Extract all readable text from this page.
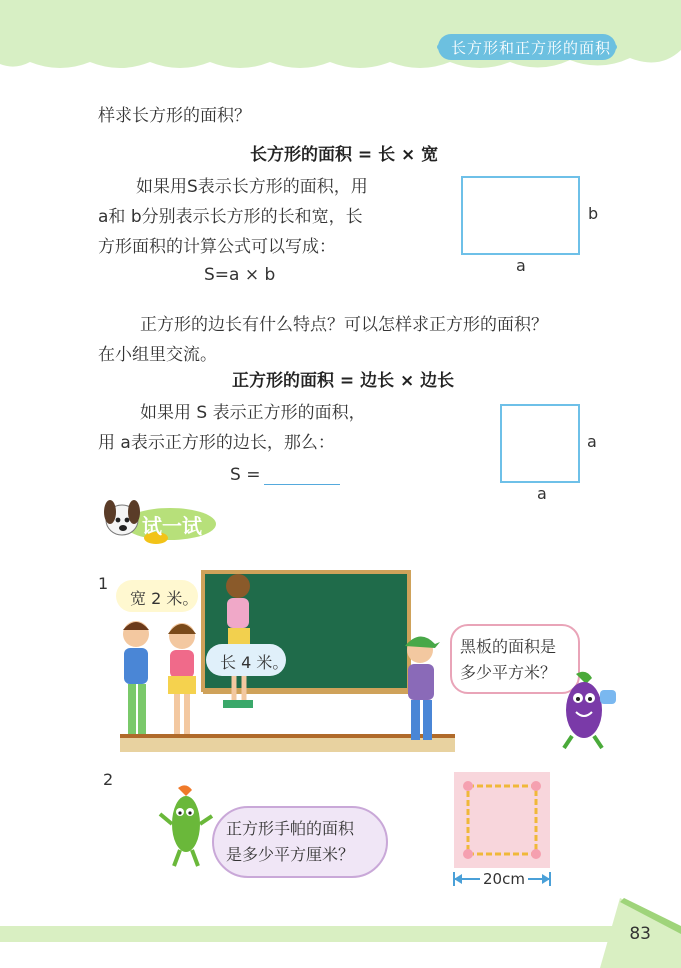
长方形和正方形的面积
样求长方形的面积？
长方形的面积 = 长 × 宽
如果用S表示长方形的面积，用
a和 b分别表示长方形的长和宽，长
方形面积的计算公式可以写成：
S=a × b
b
a
正方形的边长有什么特点？可以怎样求正方形的面积？
在小组里交流。
正方形的面积 = 边长 × 边长
如果用 S 表示正方形的面积，
用 a表示正方形的边长，那么：
S =
a
a
试一试
1
宽 2 米。
长 4 米。
黑板的面积是
多少平方米？
2
正方形手帕的面积
是多少平方厘米？
20cm
83
